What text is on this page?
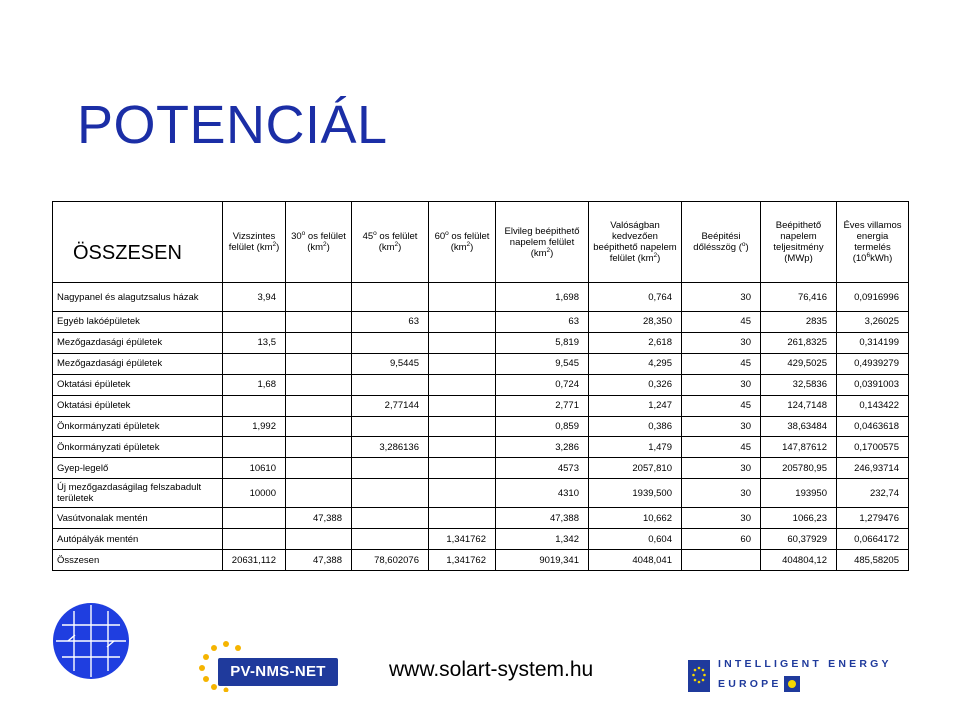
POTENCIÁL
ÖSSZESEN	Vizszintes felület $(km^2)$	30$^o$ os felület $(km^2)$	45$^o$ os felület $(km^2)$	60$^o$ os felület $(km^2)$	Elvileg beépithető napelem felület $(km^2)$	Valóságban kedvezően beépithető napelem felület $(km^2)$	Beépitési dőlésszög ($^o$)	Beépithető napelem teljesitmény (MWp)	Éves villamos energia termelés $(10^6kWh)$
Nagypanel és alagutzsalus házak	3,94				1,698	0,764	30	76,416	0,0916996
Egyéb lakóépületek			63		63	28,350	45	2835	3,26025
Mezőgazdasági épületek	13,5				5,819	2,618	30	261,8325	0,314199
Mezőgazdasági épületek			9,5445		9,545	4,295	45	429,5025	0,4939279
Oktatási épületek	1,68				0,724	0,326	30	32,5836	0,0391003
Oktatási épületek			2,77144		2,771	1,247	45	124,7148	0,143422
Önkormányzati épületek	1,992				0,859	0,386	30	38,63484	0,0463618
Önkormányzati épületek			3,286136		3,286	1,479	45	147,87612	0,1700575
Gyep-legelő	10610				4573	2057,810	30	205780,95	246,93714
Új mezőgazdaságilag felszabadult területek	10000				4310	1939,500	30	193950	232,74
Vasútvonalak mentén		47,388			47,388	10,662	30	1066,23	1,279476
Autópályák mentén				1,341762	1,342	0,604	60	60,37929	0,0664172
Összesen	20631,112	47,388	78,602076	1,341762	9019,341	4048,041		404804,12	485,58205
PV-NMS-NET	www.solart-system.hu	INTELLIGENT ENERGY
EUROPE
